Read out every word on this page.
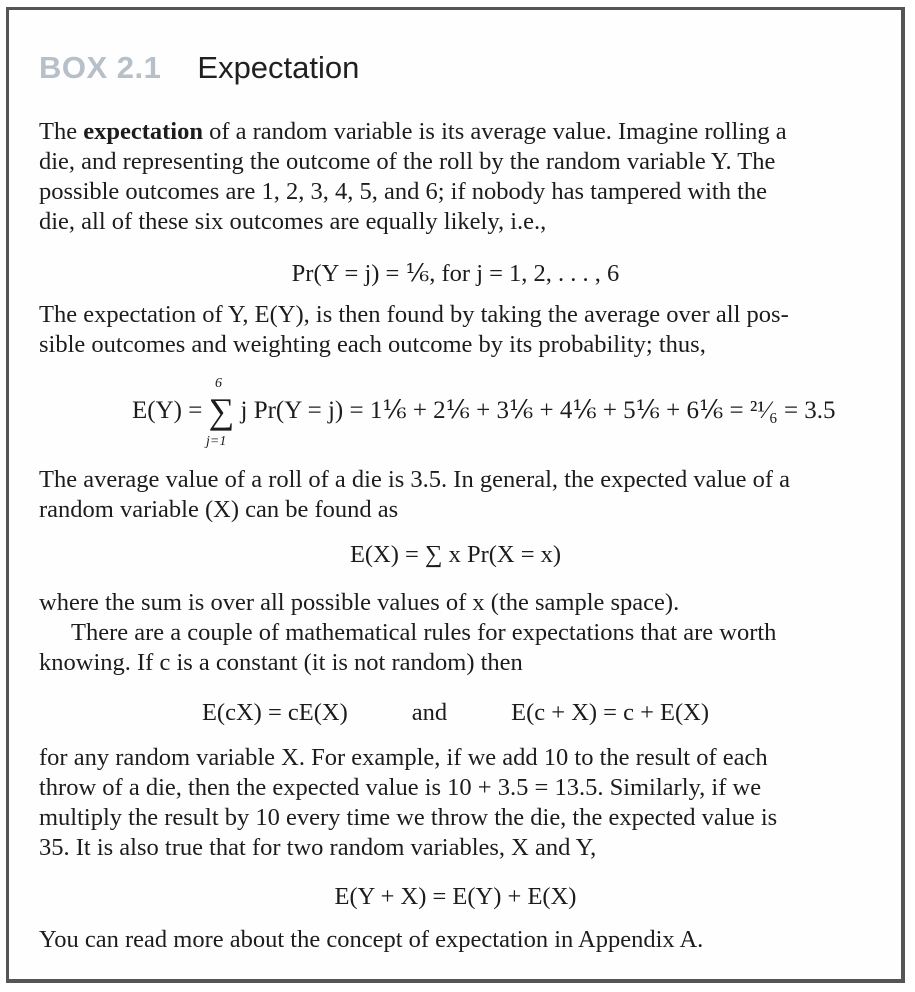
BOX 2.1 Expectation
The expectation of a random variable is its average value. Imagine rolling a
die, and representing the outcome of the roll by the random variable Y. The
possible outcomes are 1, 2, 3, 4, 5, and 6; if nobody has tampered with the
die, all of these six outcomes are equally likely, i.e.,
Pr(Y = j) = ⅙, for j = 1, 2, . . . , 6
The expectation of Y, E(Y), is then found by taking the average over all pos-
sible outcomes and weighting each outcome by its probability; thus,
6
E(Y) = ∑ j Pr(Y = j) = 1⅙ + 2⅙ + 3⅙ + 4⅙ + 5⅙ + 6⅙ = ²¹⁄₆ = 3.5
j=1
The average value of a roll of a die is 3.5. In general, the expected value of a
random variable (X) can be found as
E(X) = ∑ x Pr(X = x)
where the sum is over all possible values of x (the sample space).
There are a couple of mathematical rules for expectations that are worth
knowing. If c is a constant (it is not random) then
E(cX) = cE(X)	and	E(c + X) = c + E(X)
for any random variable X. For example, if we add 10 to the result of each
throw of a die, then the expected value is 10 + 3.5 = 13.5. Similarly, if we
multiply the result by 10 every time we throw the die, the expected value is
35. It is also true that for two random variables, X and Y,
E(Y + X) = E(Y) + E(X)
You can read more about the concept of expectation in Appendix A.
